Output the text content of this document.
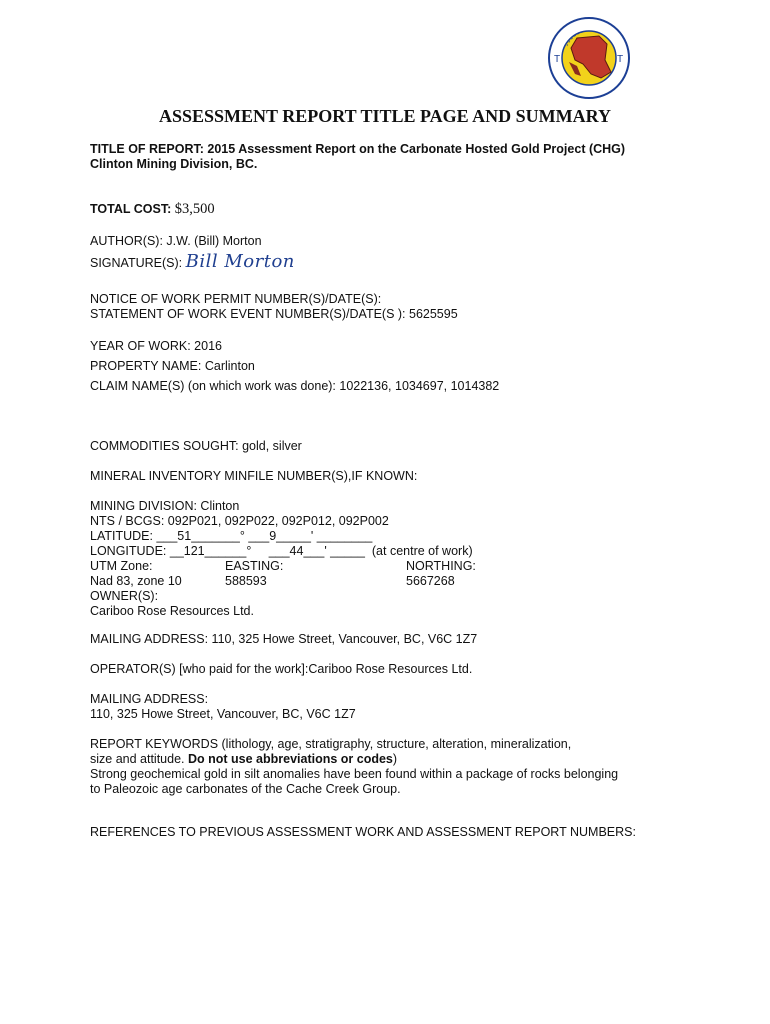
T	T
ASSESSMENT REPORT TITLE PAGE AND SUMMARY
TITLE OF REPORT: 2015 Assessment Report on the Carbonate Hosted Gold Project (CHG)
Clinton Mining Division, BC.
TOTAL COST: $3,500
AUTHOR(S): J.W. (Bill) Morton
SIGNATURE(S): Bill Morton
NOTICE OF WORK PERMIT NUMBER(S)/DATE(S):
STATEMENT OF WORK EVENT NUMBER(S)/DATE(S ): 5625595
YEAR OF WORK: 2016
PROPERTY NAME: Carlinton
CLAIM NAME(S) (on which work was done): 1022136, 1034697, 1014382
COMMODITIES SOUGHT: gold, silver
MINERAL INVENTORY MINFILE NUMBER(S),IF KNOWN:
MINING DIVISION: Clinton
NTS / BCGS: 092P021, 092P022, 092P012, 092P002
LATITUDE: ___51_______° ___9_____' ________
LONGITUDE: __121______°     ___44___' _____  (at centre of work)
UTM Zone:	EASTING:	NORTHING:
Nad 83, zone 10	588593	5667268
OWNER(S):
Cariboo Rose Resources Ltd.
MAILING ADDRESS: 110, 325 Howe Street, Vancouver, BC, V6C 1Z7
OPERATOR(S) [who paid for the work]:Cariboo Rose Resources Ltd.
MAILING ADDRESS:
110, 325 Howe Street, Vancouver, BC, V6C 1Z7
REPORT KEYWORDS (lithology, age, stratigraphy, structure, alteration, mineralization,
size and attitude. Do not use abbreviations or codes)
Strong geochemical gold in silt anomalies have been found within a package of rocks belonging
to Paleozoic age carbonates of the Cache Creek Group.
REFERENCES TO PREVIOUS ASSESSMENT WORK AND ASSESSMENT REPORT NUMBERS:
